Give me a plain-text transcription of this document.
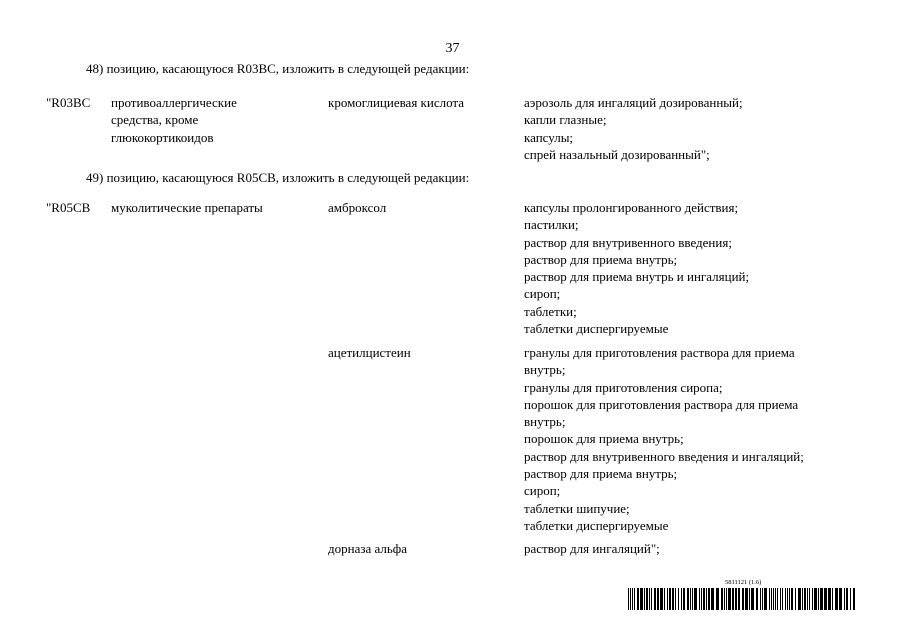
37
48) позицию, касающуюся R03BC, изложить в следующей редакции:
"R03BC противоаллергические
средства, кроме
глюкокортикоидов
кромоглициевая кислота	аэрозоль для ингаляций дозированный;
капли глазные;
капсулы;
спрей назальный дозированный";
49) позицию, касающуюся R05CB, изложить в следующей редакции:
"R05CB муколитические препараты	амброксол	капсулы пролонгированного действия;
пастилки;
раствор для внутривенного введения;
раствор для приема внутрь;
раствор для приема внутрь и ингаляций;
сироп;
таблетки;
таблетки диспергируемые
ацетилцистеин	гранулы для приготовления раствора для приема
внутрь;
гранулы для приготовления сиропа;
порошок для приготовления раствора для приема
внутрь;
порошок для приема внутрь;
раствор для внутривенного введения и ингаляций;
раствор для приема внутрь;
сироп;
таблетки шипучие;
таблетки диспергируемые
дорназа альфа	раствор для ингаляций";
5811121 (1.6)
